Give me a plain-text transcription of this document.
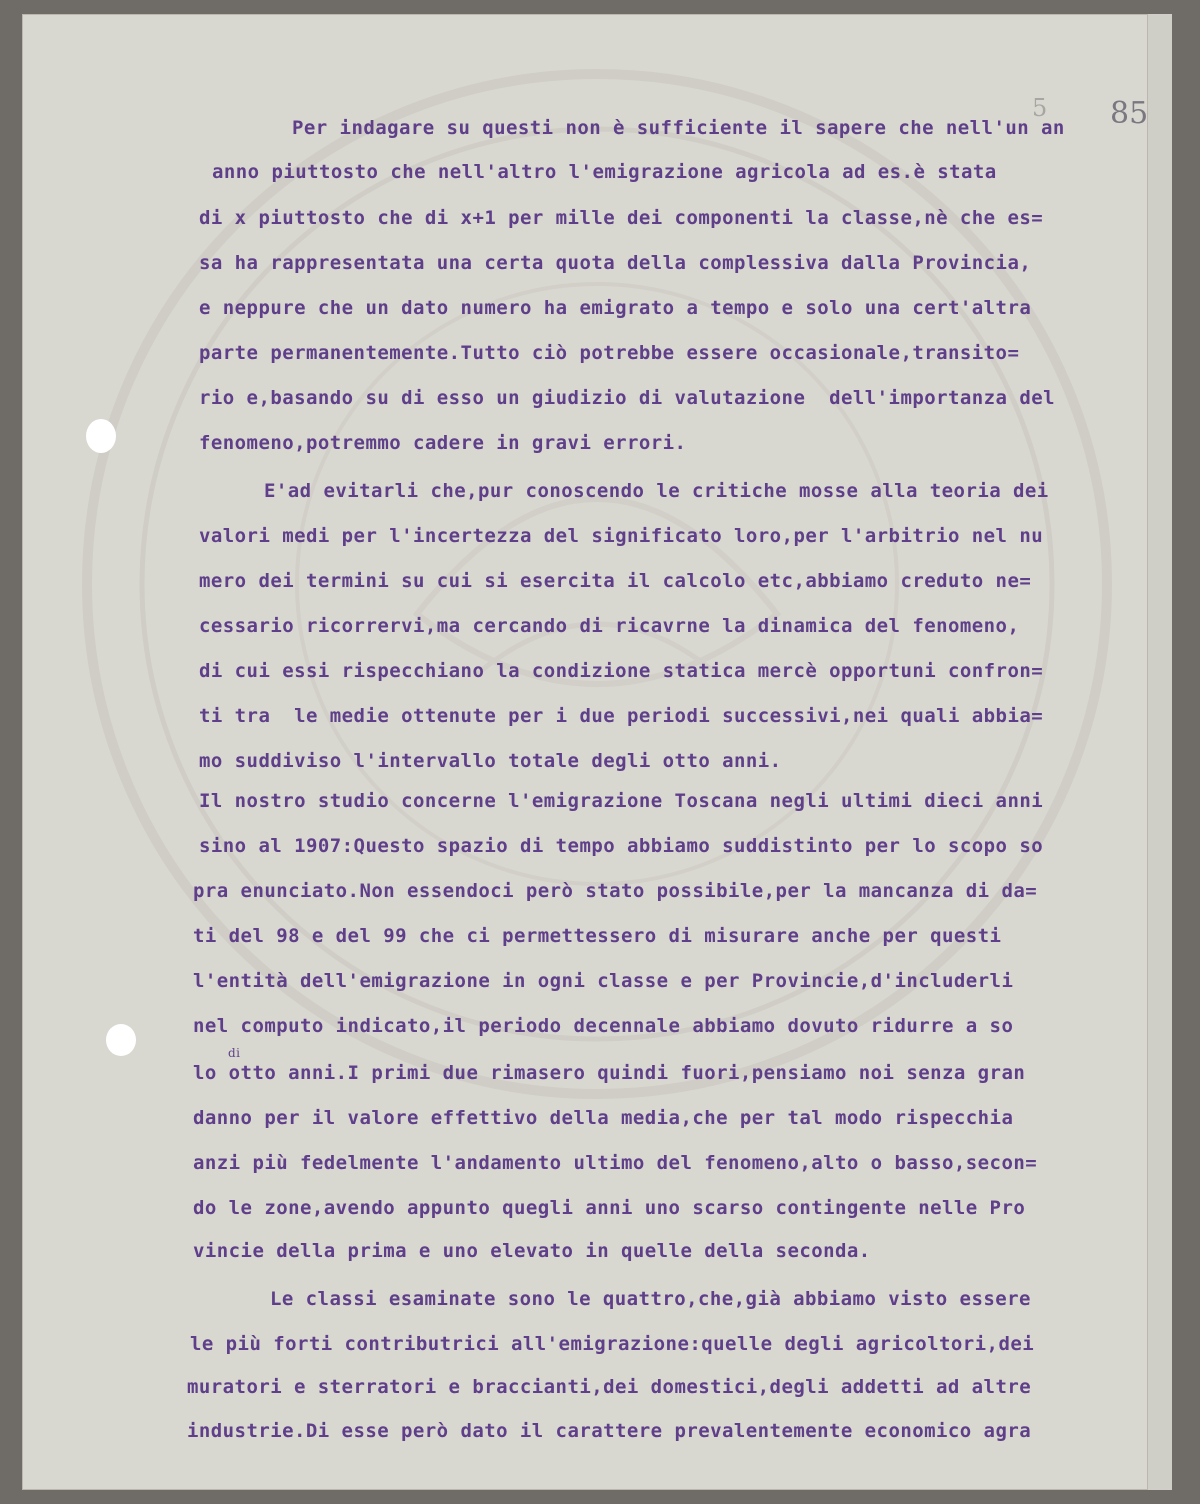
5 85
Per indagare su questi non è sufficiente il sapere che nell'un an
anno piuttosto che nell'altro l'emigrazione agricola ad es.è stata
di x piuttosto che di x+1 per mille dei componenti la classe,nè che es=
sa ha rappresentata una certa quota della complessiva dalla Provincia,
e neppure che un dato numero ha emigrato a tempo e solo una cert'altra
parte permanentemente.Tutto ciò potrebbe essere occasionale,transito=
rio e,basando su di esso un giudizio di valutazione  dell'importanza del
fenomeno,potremmo cadere in gravi errori.
E'ad evitarli che,pur conoscendo le critiche mosse alla teoria dei
valori medi per l'incertezza del significato loro,per l'arbitrio nel nu
mero dei termini su cui si esercita il calcolo etc,abbiamo creduto ne=
cessario ricorrervi,ma cercando di ricavrne la dinamica del fenomeno,
di cui essi rispecchiano la condizione statica mercè opportuni confron=
ti tra  le medie ottenute per i due periodi successivi,nei quali abbia=
mo suddiviso l'intervallo totale degli otto anni.
Il nostro studio concerne l'emigrazione Toscana negli ultimi dieci anni
sino al 1907:Questo spazio di tempo abbiamo suddistinto per lo scopo so
pra enunciato.Non essendoci però stato possibile,per la mancanza di da=
ti del 98 e del 99 che ci permettessero di misurare anche per questi
l'entità dell'emigrazione in ogni classe e per Provincie,d'includerli
nel computo indicato,il periodo decennale abbiamo dovuto ridurre a so
lo otto anni.I primi due rimasero quindi fuori,pensiamo noi senza gran
danno per il valore effettivo della media,che per tal modo rispecchia
anzi più fedelmente l'andamento ultimo del fenomeno,alto o basso,secon=
do le zone,avendo appunto quegli anni uno scarso contingente nelle Pro
vincie della prima e uno elevato in quelle della seconda.
Le classi esaminate sono le quattro,che,già abbiamo visto essere
le più forti contributrici all'emigrazione:quelle degli agricoltori,dei
muratori e sterratori e braccianti,dei domestici,degli addetti ad altre
industrie.Di esse però dato il carattere prevalentemente economico agra
di
